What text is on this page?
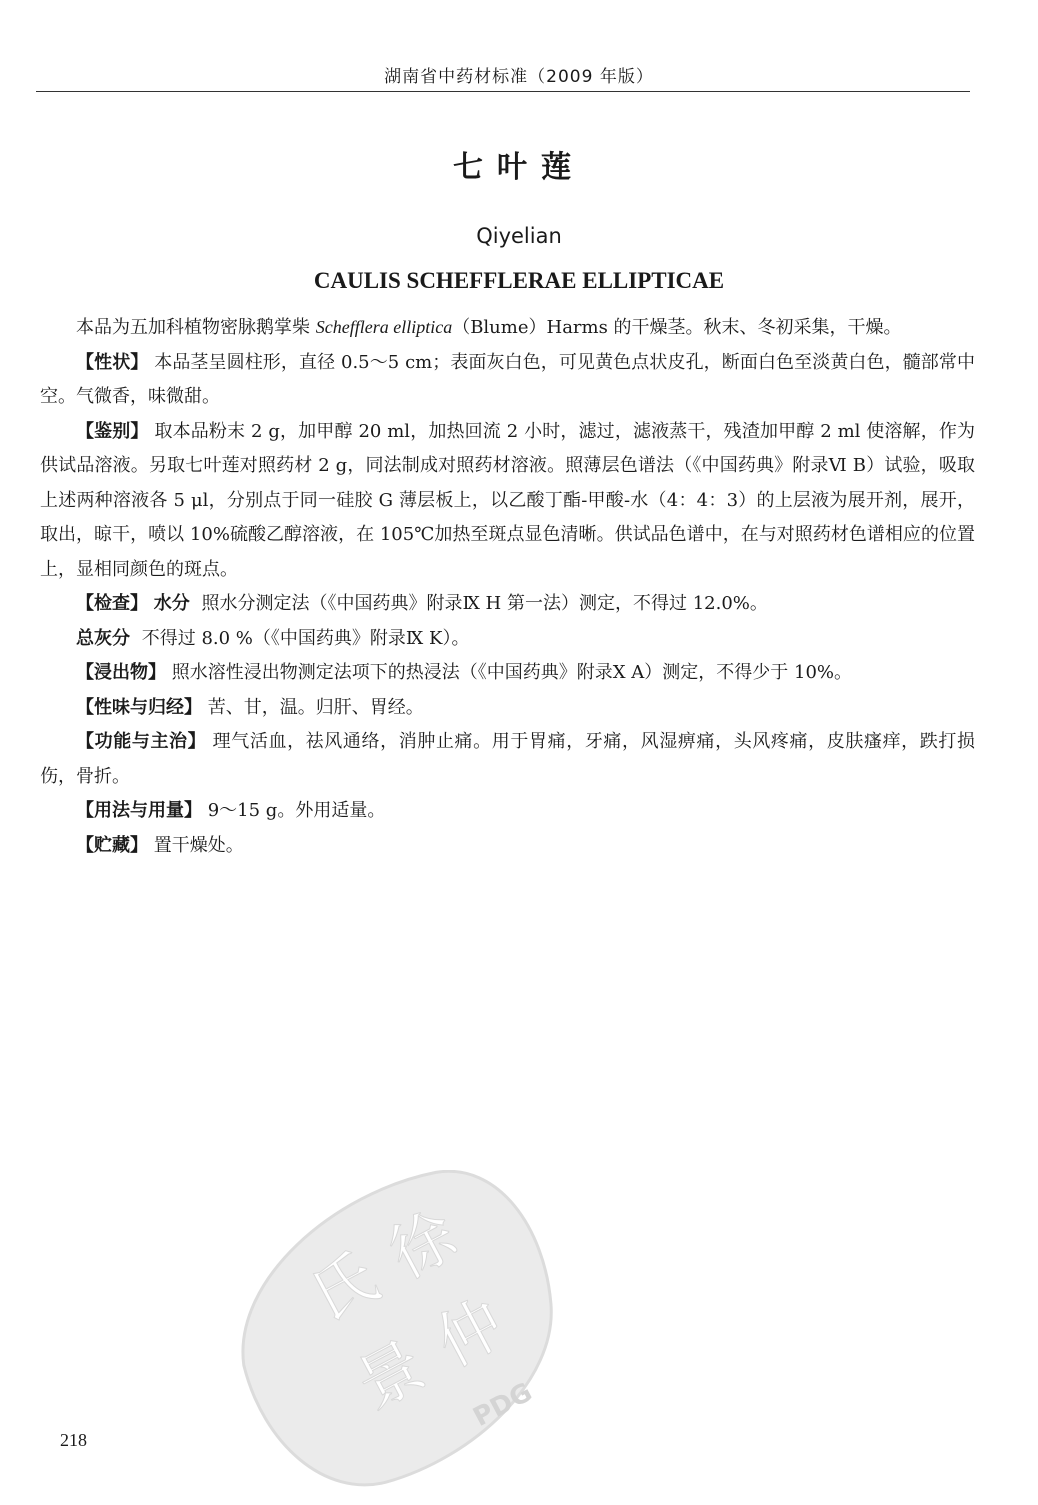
湖南省中药材标准（2009 年版）
七叶莲
Qiyelian
CAULIS SCHEFFLERAE ELLIPTICAE

本品为五加科植物密脉鹅掌柴 Schefflera elliptica（Blume）Harms 的干燥茎。秋末、冬初采集，干燥。

【性状】 本品茎呈圆柱形，直径 0.5～5 cm；表面灰白色，可见黄色点状皮孔，断面白色至淡黄白色，髓部常中空。气微香，味微甜。

【鉴别】 取本品粉末 2 g，加甲醇 20 ml，加热回流 2 小时，滤过，滤液蒸干，残渣加甲醇 2 ml 使溶解，作为供试品溶液。另取七叶莲对照药材 2 g，同法制成对照药材溶液。照薄层色谱法（《中国药典》附录Ⅵ B）试验，吸取上述两种溶液各 5 μl，分别点于同一硅胶 G 薄层板上，以乙酸丁酯-甲酸-水（4：4：3）的上层液为展开剂，展开，取出，晾干，喷以 10%硫酸乙醇溶液，在 105℃加热至斑点显色清晰。供试品色谱中，在与对照药材色谱相应的位置上，显相同颜色的斑点。

【检查】 水分 照水分测定法（《中国药典》附录Ⅸ H 第一法）测定，不得过 12.0%。

总灰分 不得过 8.0 %（《中国药典》附录Ⅸ K）。

【浸出物】 照水溶性浸出物测定法项下的热浸法（《中国药典》附录Ⅹ A）测定，不得少于 10%。

【性味与归经】 苦、甘，温。归肝、胃经。

【功能与主治】 理气活血，祛风通络，消肿止痛。用于胃痛，牙痛，风湿痹痛，头风疼痛，皮肤瘙痒，跌打损伤，骨折。

【用法与用量】 9～15 g。外用适量。

【贮藏】 置干燥处。

徐
氏 仲
景 PDG
218
